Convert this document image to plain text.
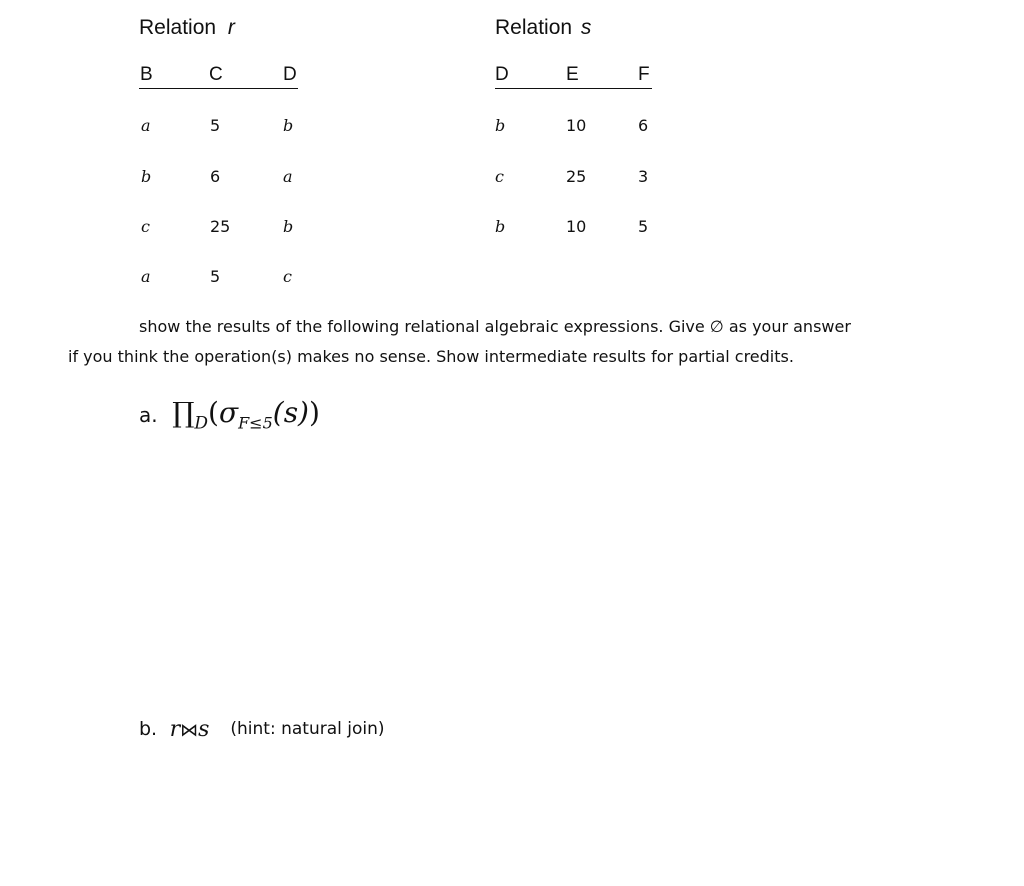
Relation r
B	C	D
a	5	b
b	6	a
c	25	b
a	5	c
Relation s
D	E	F
b	10	6
c	25	3
b	10	5
show the results of the following relational algebraic expressions. Give ∅ as your answer
if you think the operation(s) makes no sense. Show intermediate results for partial credits.
a. $\prod_D(\sigma_{F\le 5}(s))$
b. r⋈s (hint: natural join)
